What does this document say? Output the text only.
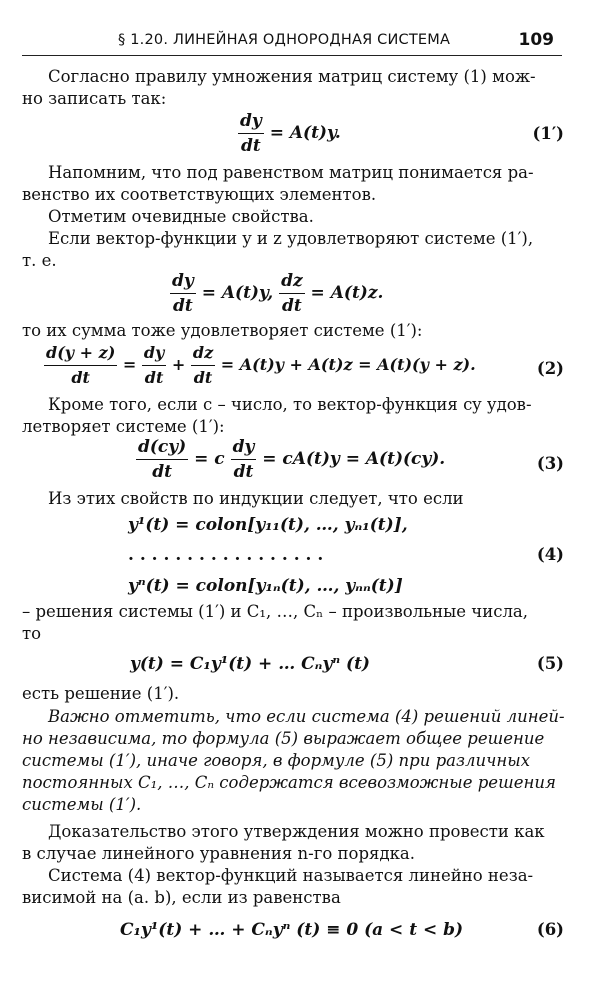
§ 1.20. ЛИНЕЙНАЯ ОДНОРОДНАЯ СИСТЕМА	109
Согласно правилу умножения матриц систему (1) мож-
но записать так:
$\frac{dy}{dt} = A(t)y$.	(1′)
Напомним, что под равенством матриц понимается ра-
венство их соответствующих элементов.
Отметим очевидные свойства.
Если вектор-функции y и z удовлетворяют системе (1′),
т. е.
$\frac{dy}{dt} = A(t)y$, $\frac{dz}{dt} = A(t)z$.
то их сумма тоже удовлетворяет системе (1′):
$\frac{d(y + z)}{dt} = \frac{dy}{dt} + \frac{dz}{dt} = A(t)y + A(t)z = A(t)(y + z)$.	(2)
Кроме того, если c – число, то вектор-функция cy удов-
летворяет системе (1′):
$\frac{d(cy)}{dt} = c \frac{dy}{dt} = cA(t)y = A(t)(cy)$.	(3)
Из этих свойств по индукции следует, что если
y¹(t) = colon[y₁₁(t), …, yₙ₁(t)],
. . . . . . . . . . . . . . . . .	(4)
yⁿ(t) = colon[y₁ₙ(t), …, yₙₙ(t)]
– решения системы (1′) и C₁, …, Cₙ – произвольные числа,
то
y(t) = C₁y¹(t) + … Cₙyⁿ (t)	(5)
есть решение (1′).
Важно отметить, что если система (4) решений линей-
но независима, то формула (5) выражает общее решение
системы (1′), иначе говоря, в формуле (5) при различных
постоянных C₁, …, Cₙ содержатся всевозможные решения
системы (1′).
Доказательство этого утверждения можно провести как
в случае линейного уравнения n-го порядка.
Система (4) вектор-функций называется линейно неза-
висимой на (a. b), если из равенства
C₁y¹(t) + … + Cₙyⁿ (t) ≡ 0 (a < t < b)	(6)
